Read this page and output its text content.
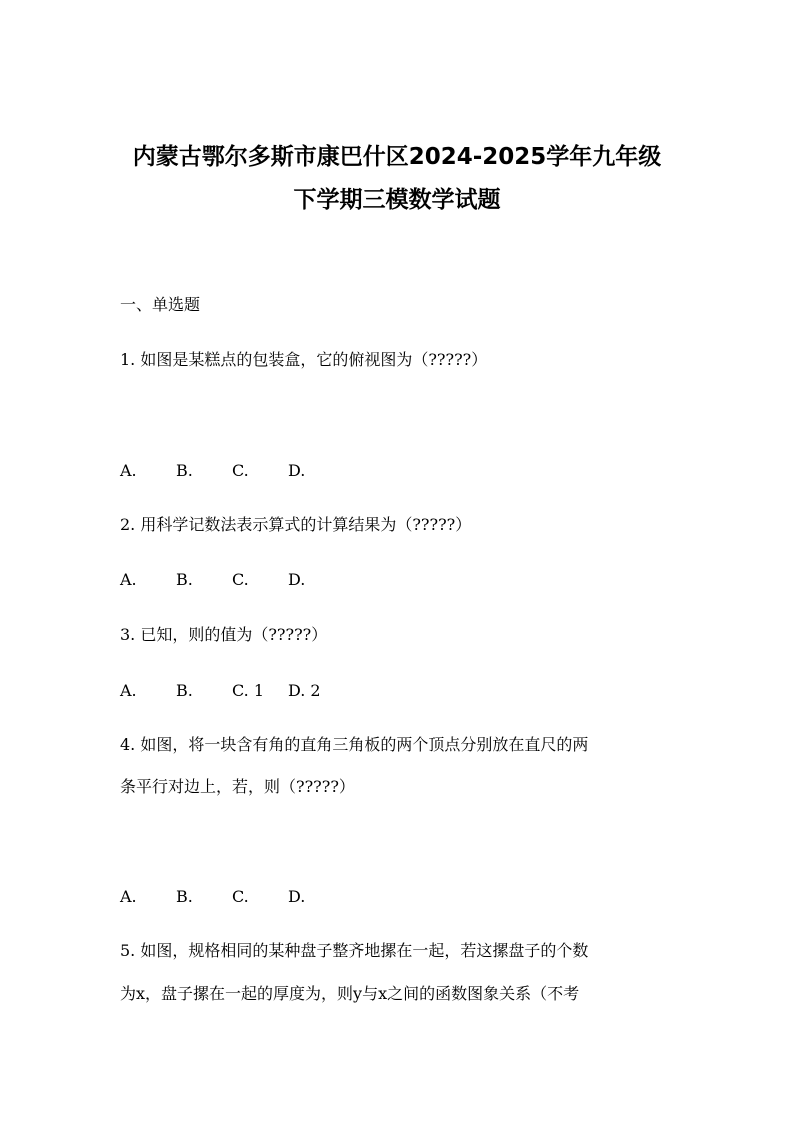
内蒙古鄂尔多斯市康巴什区2024-2025学年九年级
下学期三模数学试题
一、单选题
1. 如图是某糕点的包装盒，它的俯视图为（?????）
A. B. C. D.
2. 用科学记数法表示算式的计算结果为（?????）
A. B. C. D.
3. 已知，则的值为（?????）
A. B. C. 1 D. 2
4. 如图，将一块含有角的直角三角板的两个顶点分别放在直尺的两
条平行对边上，若，则（?????）
A. B. C. D.
5. 如图，规格相同的某种盘子整齐地摞在一起，若这摞盘子的个数
为x，盘子摞在一起的厚度为，则y与x之间的函数图象关系（不考
